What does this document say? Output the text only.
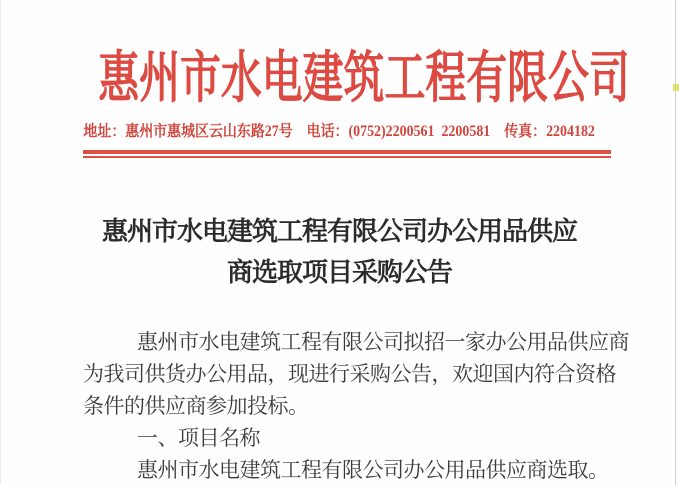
惠州市水电建筑工程有限公司
地址：惠州市惠城区云山东路27号　电话：(0752)2200561  2200581　传真：2204182
惠州市水电建筑工程有限公司办公用品供应
商选取项目采购公告
惠州市水电建筑工程有限公司拟招一家办公用品供应商
为我司供货办公用品，现进行采购公告，欢迎国内符合资格
条件的供应商参加投标。
一、项目名称
惠州市水电建筑工程有限公司办公用品供应商选取。
